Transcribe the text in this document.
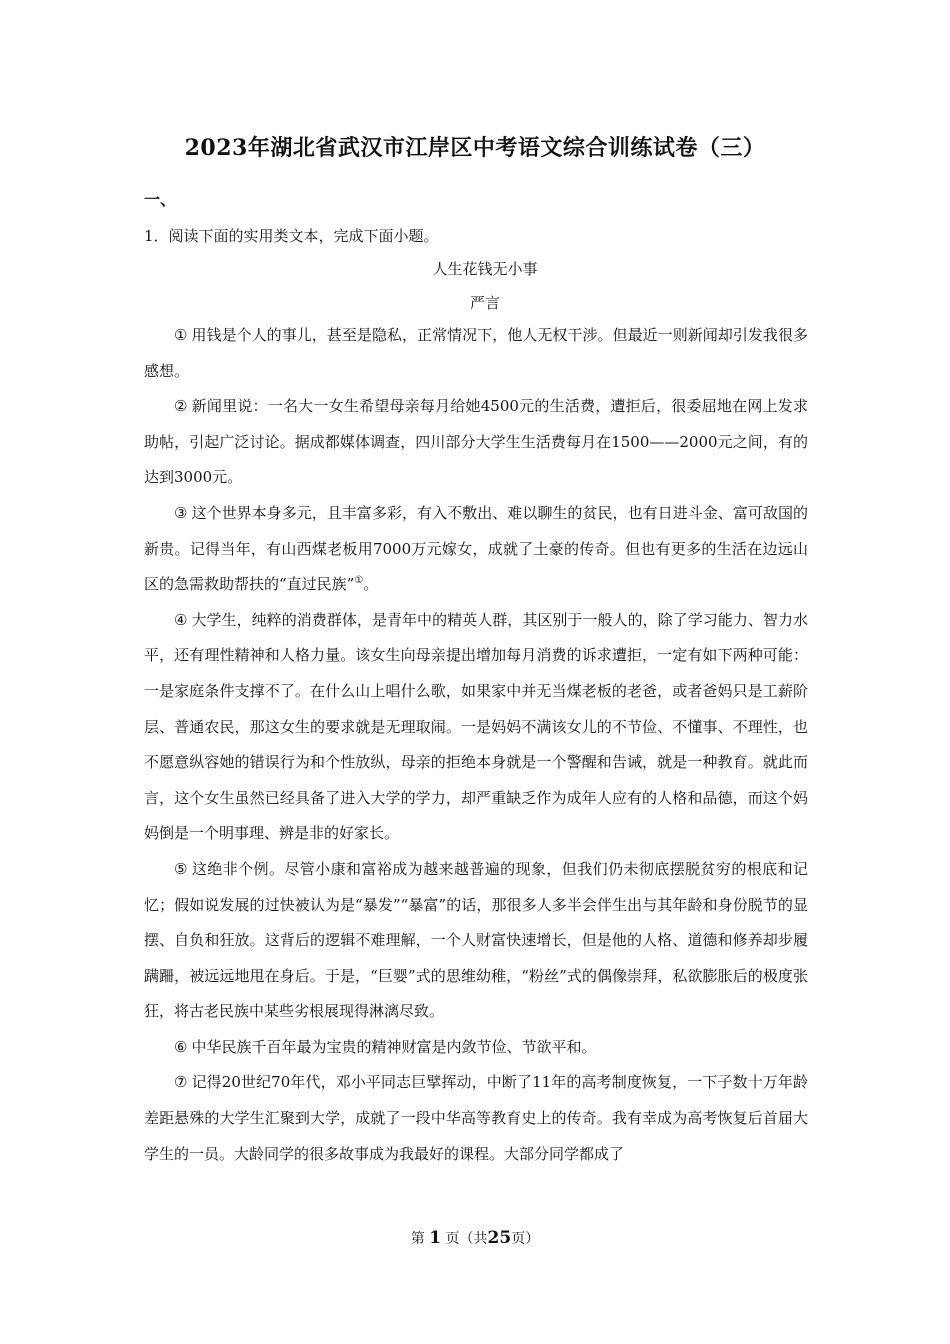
2023年湖北省武汉市江岸区中考语文综合训练试卷（三）
一、
1．阅读下面的实用类文本，完成下面小题。
人生花钱无小事
严言

① 用钱是个人的事儿，甚至是隐私，正常情况下，他人无权干涉。但最近一则新闻却引发我很多感想。

② 新闻里说：一名大一女生希望母亲每月给她4500元的生活费，遭拒后，很委屈地在网上发求助帖，引起广泛讨论。据成都媒体调查，四川部分大学生生活费每月在1500——2000元之间，有的达到3000元。

③ 这个世界本身多元，且丰富多彩，有入不敷出、难以聊生的贫民，也有日进斗金、富可敌国的新贵。记得当年，有山西煤老板用7000万元嫁女，成就了土豪的传奇。但也有更多的生活在边远山区的急需救助帮扶的“直过民族”①。

④ 大学生，纯粹的消费群体，是青年中的精英人群，其区别于一般人的，除了学习能力、智力水平，还有理性精神和人格力量。该女生向母亲提出增加每月消费的诉求遭拒，一定有如下两种可能：一是家庭条件支撑不了。在什么山上唱什么歌，如果家中并无当煤老板的老爸，或者爸妈只是工薪阶层、普通农民，那这女生的要求就是无理取闹。一是妈妈不满该女儿的不节俭、不懂事、不理性，也不愿意纵容她的错误行为和个性放纵，母亲的拒绝本身就是一个警醒和告诫，就是一种教育。就此而言，这个女生虽然已经具备了进入大学的学力，却严重缺乏作为成年人应有的人格和品德，而这个妈妈倒是一个明事理、辨是非的好家长。

⑤ 这绝非个例。尽管小康和富裕成为越来越普遍的现象，但我们仍未彻底摆脱贫穷的根底和记忆；假如说发展的过快被认为是“暴发”“暴富”的话，那很多人多半会伴生出与其年龄和身份脱节的显摆、自负和狂放。这背后的逻辑不难理解，一个人财富快速增长，但是他的人格、道德和修养却步履蹒跚，被远远地甩在身后。于是，“巨婴”式的思维幼稚，“粉丝”式的偶像崇拜，私欲膨胀后的极度张狂，将古老民族中某些劣根展现得淋漓尽致。

⑥ 中华民族千百年最为宝贵的精神财富是内敛节俭、节欲平和。

⑦ 记得20世纪70年代，邓小平同志巨擘挥动，中断了11年的高考制度恢复，一下子数十万年龄差距悬殊的大学生汇聚到大学，成就了一段中华高等教育史上的传奇。我有幸成为高考恢复后首届大学生的一员。大龄同学的很多故事成为我最好的课程。大部分同学都成了

第 1 页（共25页）
